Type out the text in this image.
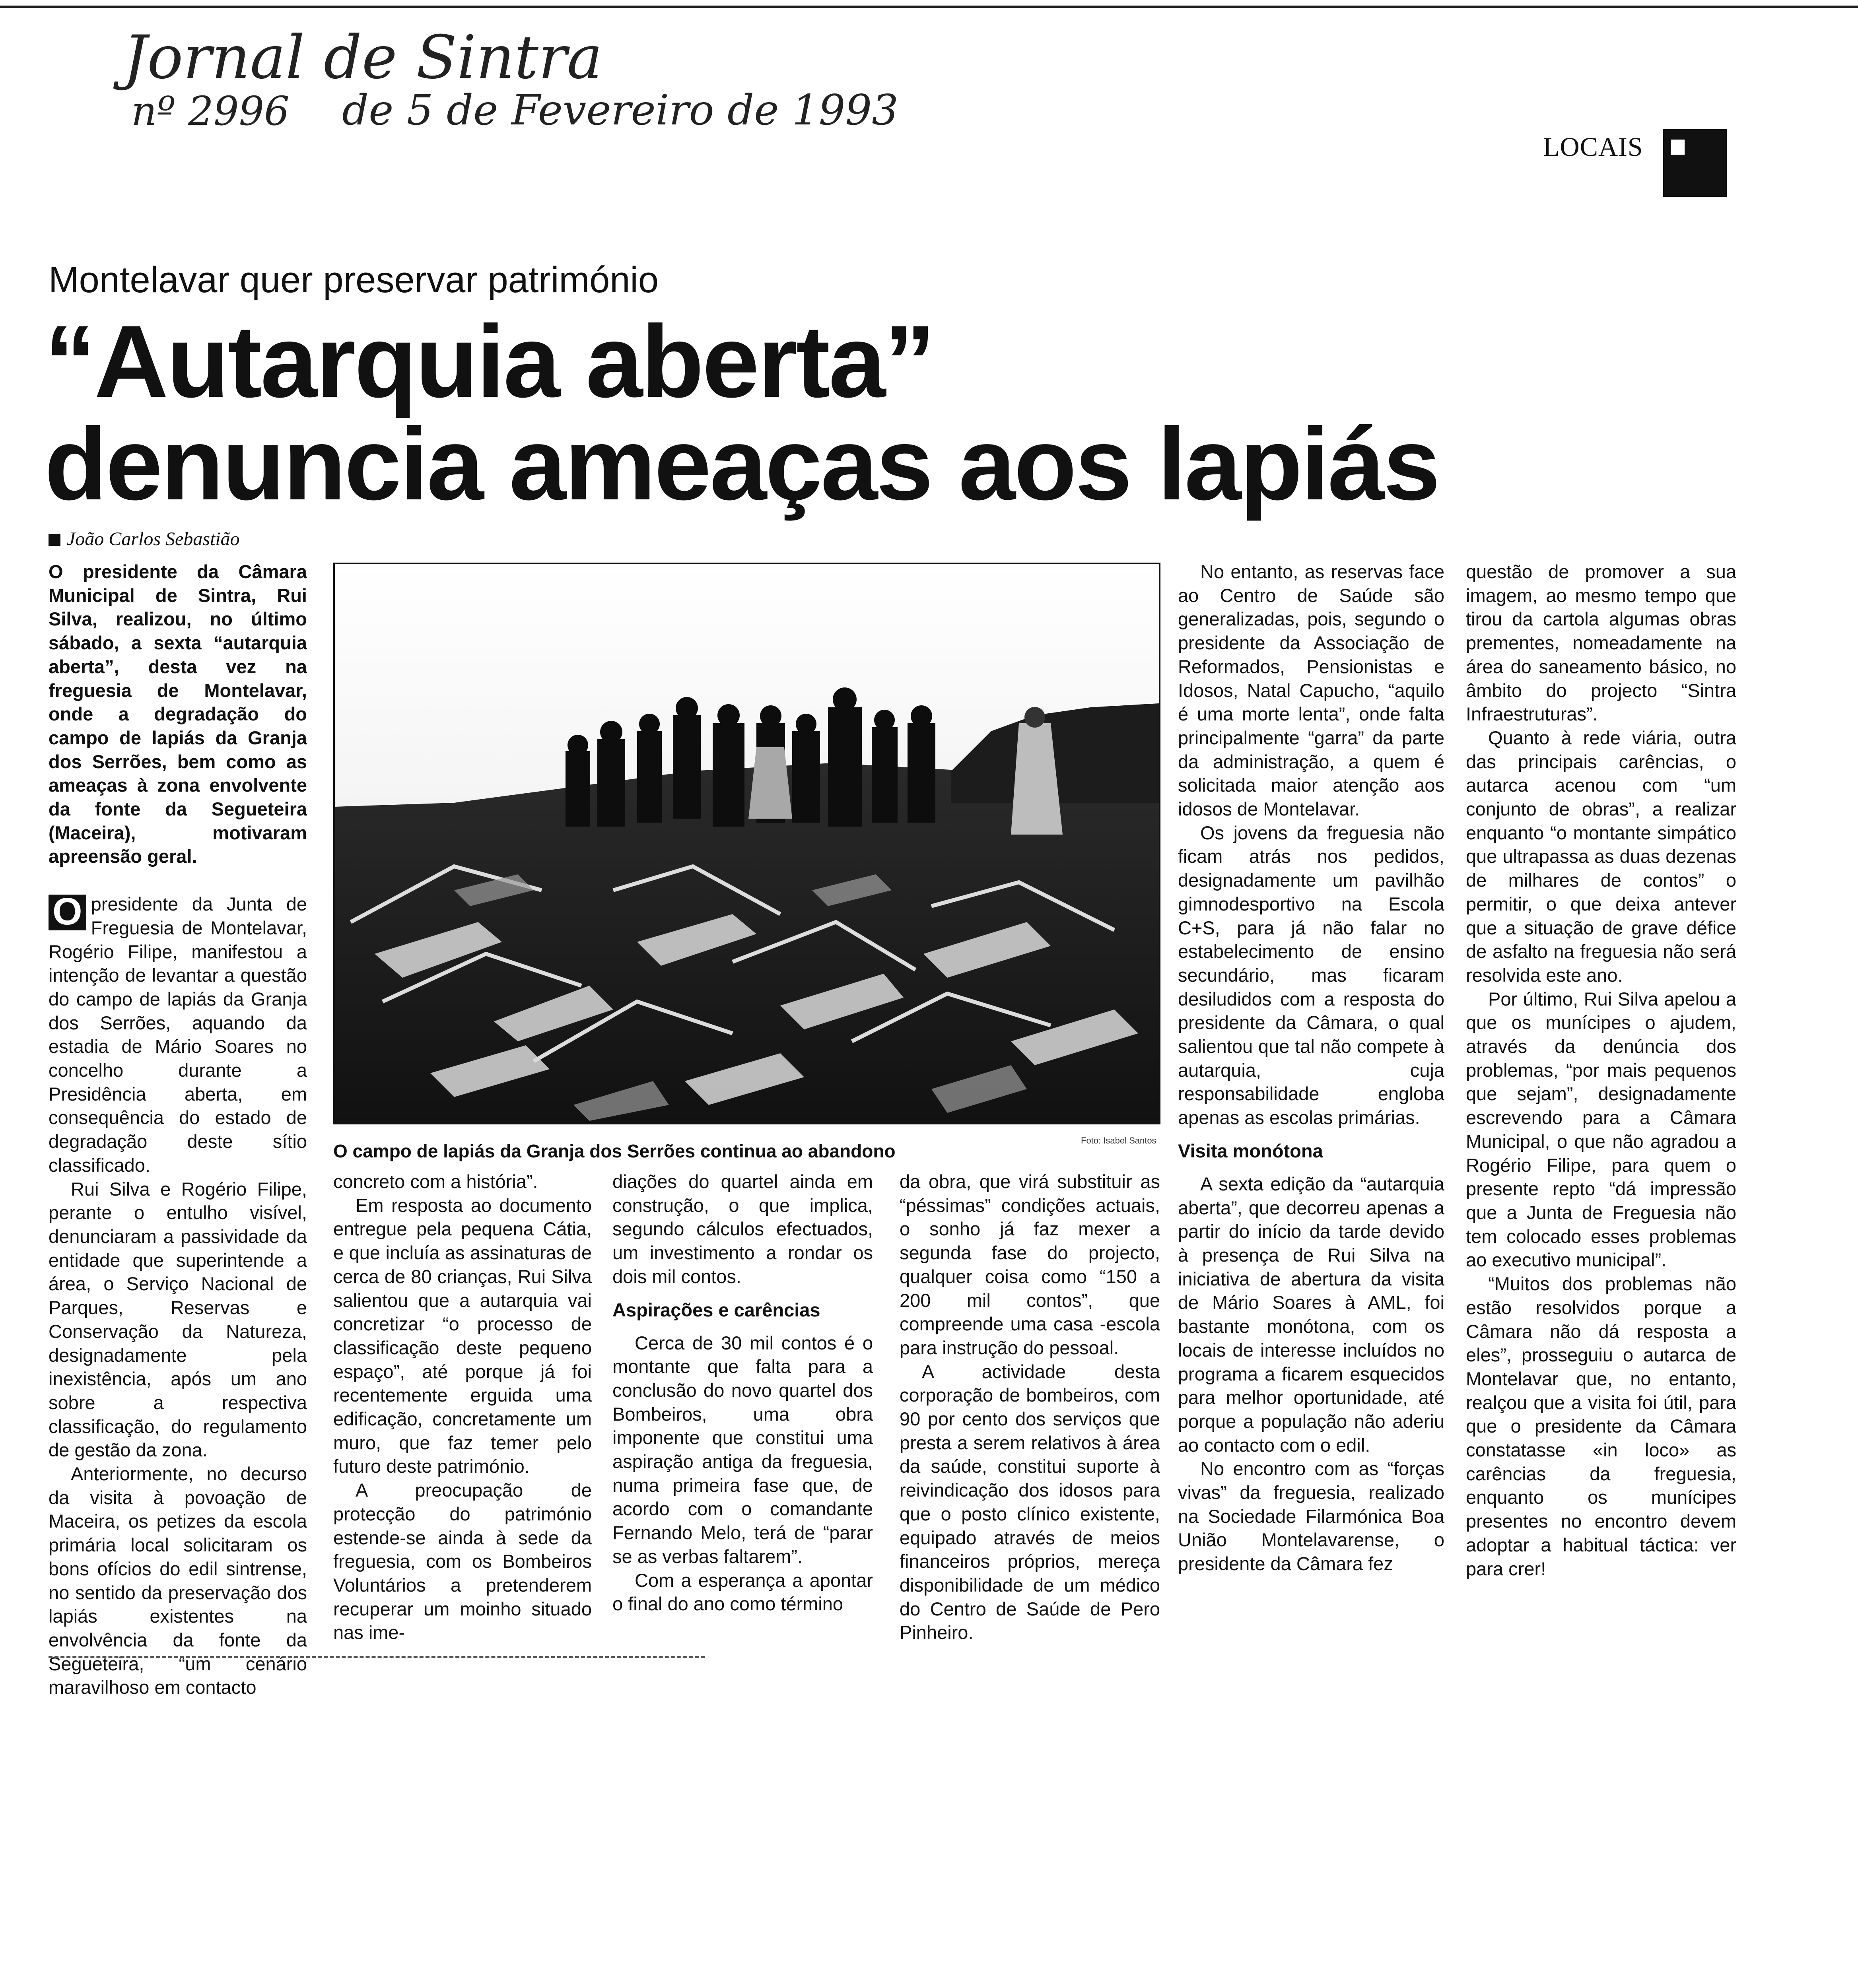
Jornal de Sintra
nº 2996 de 5 de Fevereiro de 1993
LOCAIS
Montelavar quer preservar património
“Autarquia aberta”
denuncia ameaças aos lapiás
João Carlos Sebastião

O presidente da Câmara Municipal de Sintra, Rui Silva, realizou, no último sábado, a sexta “autarquia aberta”, desta vez na freguesia de Montelavar, onde a degradação do campo de lapiás da Granja dos Serrões, bem como as ameaças à zona envolvente da fonte da Segueteira (Maceira), motivaram apreensão geral.

O presidente da Junta de Freguesia de Montelavar, Rogério Filipe, manifestou a intenção de levantar a questão do campo de lapiás da Granja dos Serrões, aquando da estadia de Mário Soares no concelho durante a Presidência aberta, em consequência do estado de degradação deste sítio classificado.

Rui Silva e Rogério Filipe, perante o entulho visível, denunciaram a passividade da entidade que superintende a área, o Serviço Nacional de Parques, Reservas e Conservação da Natureza, designadamente pela inexistência, após um ano sobre a respectiva classificação, do regulamento de gestão da zona.

Anteriormente, no decurso da visita à povoação de Maceira, os petizes da escola primária local solicitaram os bons ofícios do edil sintrense, no sentido da preservação dos lapiás existentes na envolvência da fonte da Segueteira, “um cenário maravilhoso em contacto

O campo de lapiás da Granja dos Serrões continua ao abandono
Foto: Isabel Santos

concreto com a história”.

Em resposta ao documento entregue pela pequena Cátia, e que incluía as assinaturas de cerca de 80 crianças, Rui Silva salientou que a autarquia vai concretizar “o processo de classificação deste pequeno espaço”, até porque já foi recentemente erguida uma edificação, concretamente um muro, que faz temer pelo futuro deste património.

A preocupação de protecção do património estende-se ainda à sede da freguesia, com os Bombeiros Voluntários a pretenderem recuperar um moinho situado nas ime-

diações do quartel ainda em construção, o que implica, segundo cálculos efectuados, um investimento a rondar os dois mil contos.

Aspirações e carências

Cerca de 30 mil contos é o montante que falta para a conclusão do novo quartel dos Bombeiros, uma obra imponente que constitui uma aspiração antiga da freguesia, numa primeira fase que, de acordo com o comandante Fernando Melo, terá de “parar se as verbas faltarem”.

Com a esperança a apontar o final do ano como término

da obra, que virá substituir as “péssimas” condições actuais, o sonho já faz mexer a segunda fase do projecto, qualquer coisa como “150 a 200 mil contos”, que compreende uma casa -escola para instrução do pessoal.

A actividade desta corporação de bombeiros, com 90 por cento dos serviços que presta a serem relativos à área da saúde, constitui suporte à reivindicação dos idosos para que o posto clínico existente, equipado através de meios financeiros próprios, mereça disponibilidade de um médico do Centro de Saúde de Pero Pinheiro.

No entanto, as reservas face ao Centro de Saúde são generalizadas, pois, segundo o presidente da Associação de Reformados, Pensionistas e Idosos, Natal Capucho, “aquilo é uma morte lenta”, onde falta principalmente “garra” da parte da administração, a quem é solicitada maior atenção aos idosos de Montelavar.

Os jovens da freguesia não ficam atrás nos pedidos, designadamente um pavilhão gimnodesportivo na Escola C+S, para já não falar no estabelecimento de ensino secundário, mas ficaram desiludidos com a resposta do presidente da Câmara, o qual salientou que tal não compete à autarquia, cuja responsabilidade engloba apenas as escolas primárias.

Visita monótona

A sexta edição da “autarquia aberta”, que decorreu apenas a partir do início da tarde devido à presença de Rui Silva na iniciativa de abertura da visita de Mário Soares à AML, foi bastante monótona, com os locais de interesse incluídos no programa a ficarem esquecidos para melhor oportunidade, até porque a população não aderiu ao contacto com o edil.

No encontro com as “forças vivas” da freguesia, realizado na Sociedade Filarmónica Boa União Montelavarense, o presidente da Câmara fez

questão de promover a sua imagem, ao mesmo tempo que tirou da cartola algumas obras prementes, nomeadamente na área do saneamento básico, no âmbito do projecto “Sintra Infraestruturas”.

Quanto à rede viária, outra das principais carências, o autarca acenou com “um conjunto de obras”, a realizar enquanto “o montante simpático que ultrapassa as duas dezenas de milhares de contos” o permitir, o que deixa antever que a situação de grave défice de asfalto na freguesia não será resolvida este ano.

Por último, Rui Silva apelou a que os munícipes o ajudem, através da denúncia dos problemas, “por mais pequenos que sejam”, designadamente escrevendo para a Câmara Municipal, o que não agradou a Rogério Filipe, para quem o presente repto “dá impressão que a Junta de Freguesia não tem colocado esses problemas ao executivo municipal”.

“Muitos dos problemas não estão resolvidos porque a Câmara não dá resposta a eles”, prosseguiu o autarca de Montelavar que, no entanto, realçou que a visita foi útil, para que o presidente da Câmara constatasse «in loco» as carências da freguesia, enquanto os munícipes presentes no encontro devem adoptar a habitual táctica: ver para crer!
